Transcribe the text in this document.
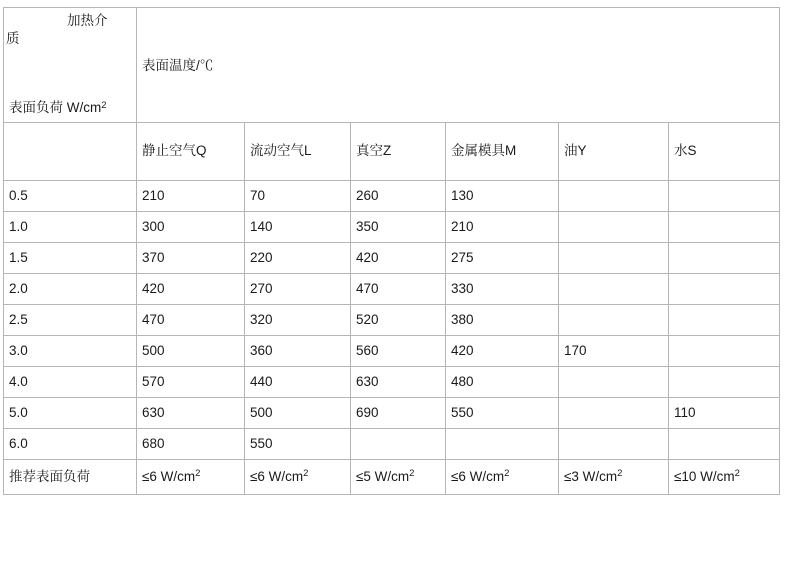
加热介
质
表面负荷 $W/cm^2$	表面温度/℃					
	静止空气Q	流动空气L	真空Z	金属模具M	油Y	水S
0.5	210	70	260	130		
1.0	300	140	350	210		
1.5	370	220	420	275		
2.0	420	270	470	330		
2.5	470	320	520	380		
3.0	500	360	560	420	170	
4.0	570	440	630	480		
5.0	630	500	690	550		110
6.0	680	550				
推荐表面负荷	≤6 $W/cm^2$	≤6 $W/cm^2$	≤5 $W/cm^2$	≤6 $W/cm^2$	≤3 $W/cm^2$	≤10 $W/cm^2$
